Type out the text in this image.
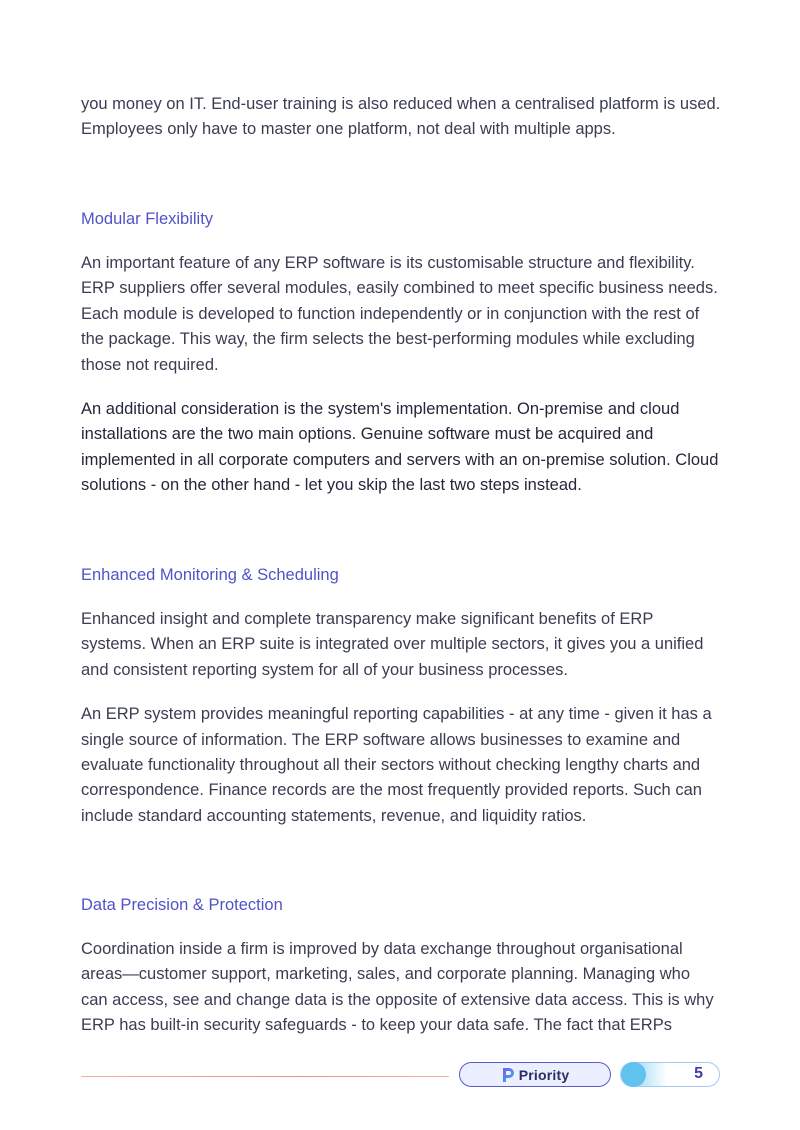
you money on IT. End-user training is also reduced when a centralised platform is used. Employees only have to master one platform, not deal with multiple apps.

Modular Flexibility

An important feature of any ERP software is its customisable structure and flexibility. ERP suppliers offer several modules, easily combined to meet specific business needs. Each module is developed to function independently or in conjunction with the rest of the package. This way, the firm selects the best-performing modules while excluding those not required.

An additional consideration is the system's implementation. On-premise and cloud installations are the two main options. Genuine software must be acquired and implemented in all corporate computers and servers with an on-premise solution. Cloud solutions - on the other hand - let you skip the last two steps instead.

Enhanced Monitoring & Scheduling

Enhanced insight and complete transparency make significant benefits of ERP systems. When an ERP suite is integrated over multiple sectors, it gives you a unified and consistent reporting system for all of your business processes.

An ERP system provides meaningful reporting capabilities - at any time - given it has a single source of information. The ERP software allows businesses to examine and evaluate functionality throughout all their sectors without checking lengthy charts and correspondence. Finance records are the most frequently provided reports. Such can include standard accounting statements, revenue, and liquidity ratios.

Data Precision & Protection

Coordination inside a firm is improved by data exchange throughout organisational areas—customer support, marketing, sales, and corporate planning. Managing who can access, see and change data is the opposite of extensive data access. This is why ERP has built-in security safeguards - to keep your data safe. The fact that ERPs

Priority	5
